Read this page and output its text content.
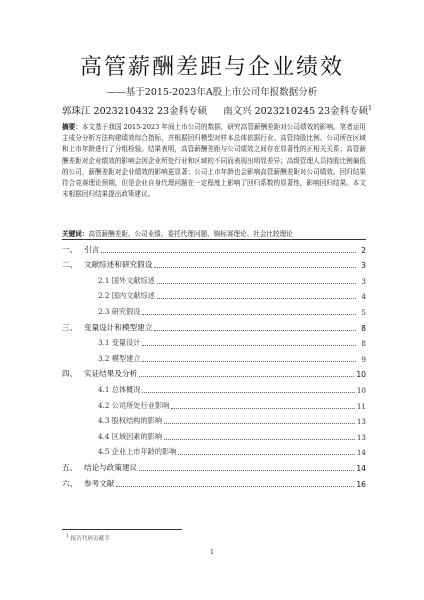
高管薪酬差距与企业绩效
——基于2015-2023年A股上市公司年报数据分析
郭珠江 2023210432 23金科专硕 南文兴 2023210245 23金科专硕$^1$
摘要：本文基于我国 2015-2023 年间上市公司的数据，研究高管薪酬差距对公司绩效的影响。笔者运用主成分分析方法构建绩效综合指标，并根据回归模型对样本总体依据行业、高管持股比例、公司所在区域和上市年龄进行了分组检验。结果表明，高管薪酬差距与公司绩效之间存在显著性的正相关关系；高管薪酬差距对企业绩效的影响会因企业所处行业和区域的不同而表现出明显差异；高级管理人员持股比例偏低的公司，薪酬差距对企业绩效的影响更显著；公司上市年龄也会影响高管薪酬差距对公司绩效。回归结果符合竞赛理论预期，但是企业自身代理问题在一定程度上影响了回归系数的显著性，影响回归结果。本文末根据回归结果提出政策建议。
关键词：高管薪酬差距、公司业绩、委托代理问题、锦标赛理论、社会比较理论
一、 引言	2
二、 文献综述和研究假设	3
2.1 国外文献综述	3
2.2 国内文献综述	4
2.3 研究假设	5
三、 变量设计和模型建立	8
3.1 变量设计	8
3.2 模型建立	9
四、 实证结果及分析	10
4.1 总体概况	10
4.2 公司所处行业影响	11
4.3 股权结构的影响	13
4.4 区域因素的影响	13
4.5 企业上市年龄的影响	14
五、 结论与政策建议	14
六、 参考文献	16
$^1$ 报告代码贡献手
1
